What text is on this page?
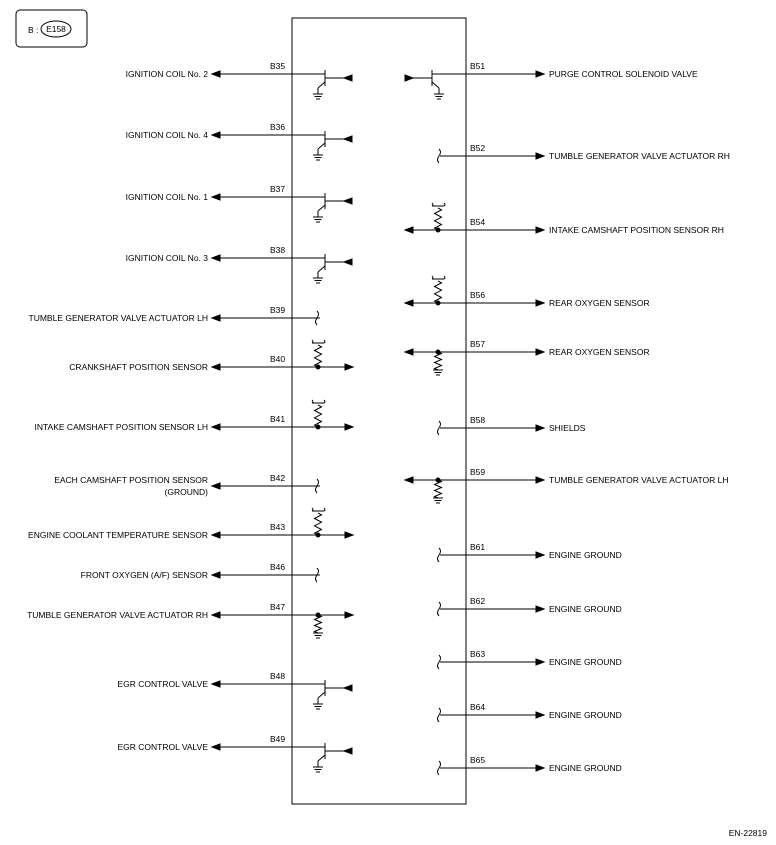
B : E158
B35
IGNITION COIL No. 2
B36
IGNITION COIL No. 4
B37
IGNITION COIL No. 1
B38
IGNITION COIL No. 3
B39
TUMBLE GENERATOR VALVE ACTUATOR LH
B40
CRANKSHAFT POSITION SENSOR
B41
INTAKE CAMSHAFT POSITION SENSOR LH
B42
EACH CAMSHAFT POSITION SENSOR
(GROUND)
B43
ENGINE COOLANT TEMPERATURE SENSOR
B46
FRONT OXYGEN (A/F) SENSOR
B47
TUMBLE GENERATOR VALVE ACTUATOR RH
B48
EGR CONTROL VALVE
B49
EGR CONTROL VALVE
B51
PURGE CONTROL SOLENOID VALVE
B52
TUMBLE GENERATOR VALVE ACTUATOR RH
B54
INTAKE CAMSHAFT POSITION SENSOR RH
B56
REAR OXYGEN SENSOR
B57
REAR OXYGEN SENSOR
B58
SHIELDS
B59
TUMBLE GENERATOR VALVE ACTUATOR LH
B61
ENGINE GROUND
B62
ENGINE GROUND
B63
ENGINE GROUND
B64
ENGINE GROUND
B65
ENGINE GROUND
EN-22819
